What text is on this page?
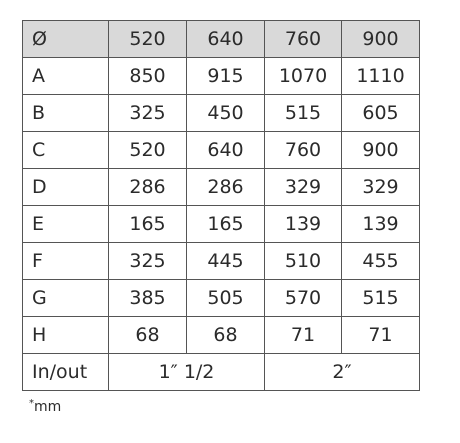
Ø	520	640	760	900
A	850	915	1070	1110
B	325	450	515	605
C	520	640	760	900
D	286	286	329	329
E	165	165	139	139
F	325	445	510	455
G	385	505	570	515
H	68	68	71	71
In/out	1″ 1/2		2″	
*mm
